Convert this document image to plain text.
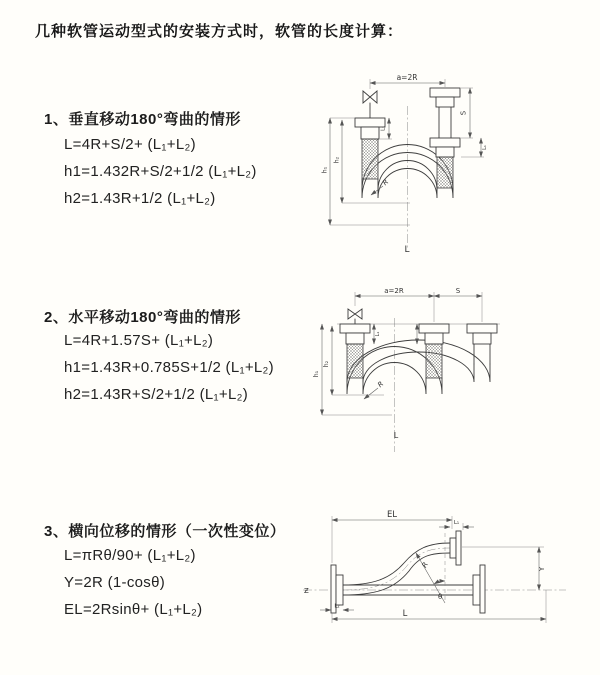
几种软管运动型式的安装方式时，软管的长度计算：
1、垂直移动180°弯曲的情形
L=4R+S/2+ (L₁+L₂)
h1=1.432R+S/2+1/2 (L₁+L₂)
h2=1.43R+1/2 (L₁+L₂)
2、水平移动180°弯曲的情形
L=4R+1.57S+ (L₁+L₂)
h1=1.43R+0.785S+1/2 (L₁+L₂)
h2=1.43R+S/2+1/2 (L₁+L₂)
3、横向位移的情形（一次性变位）
L=πRθ/90+ (L₁+L₂)
Y=2R (1-cosθ)
EL=2Rsinθ+ (L₁+L₂)
a=2R
S
L₁
L₁
h₁
h₂
R
L
a=2R	S
L₁
h₁
h₂
R
L
Ƶ
θ
R
EL
L₁
Y
L
L₂
